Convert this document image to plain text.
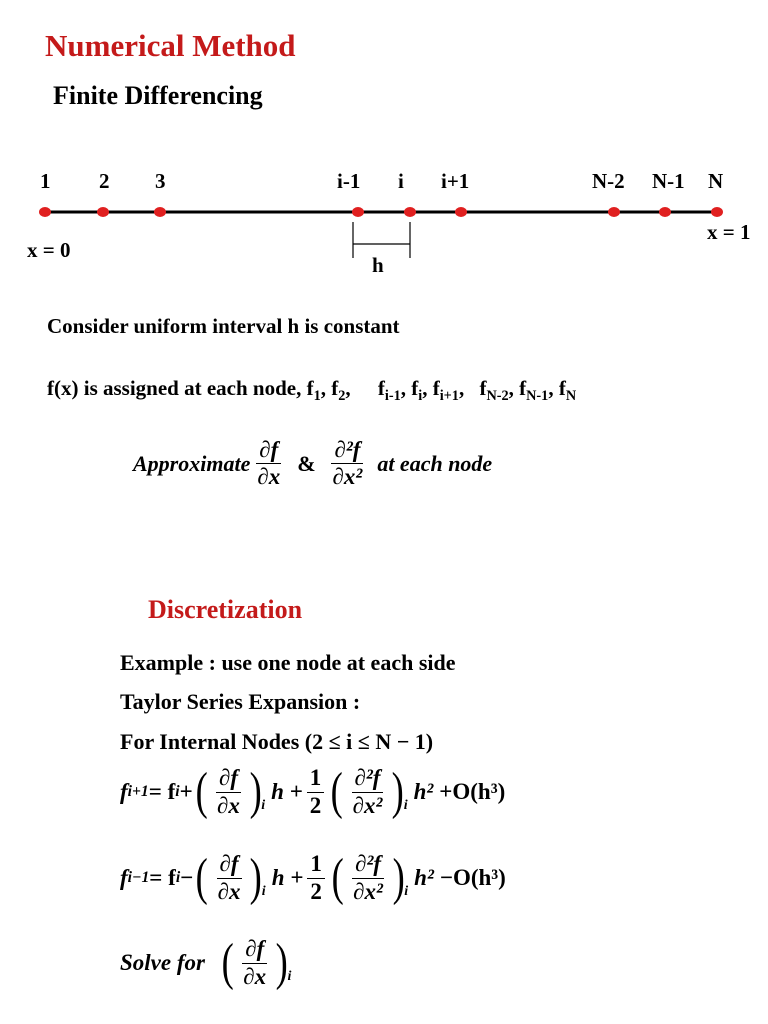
Numerical Method
Finite Differencing
1 2 3	i-1 i i+1	N-2 N-1 N
h
x = 0
x = 1
Consider uniform interval h is constant
f(x) is assigned at each node, $f_1$, $f_2$, $f_{i-1}$, $f_i$, $f_{i+1}$, $f_{N-2}$, $f_{N-1}$, $f_N$
Approximate $\frac{\partial f}{\partial x}$ & $\frac{\text{∂²f}}{\text{∂x²}}$ at each node
Discretization
Example : use one node at each side
Taylor Series Expansion :
For Internal Nodes (2 ≤ i ≤ N − 1)
f i+1 = f i + ( $\frac{\partial f}{\partial x}$ ) i
$h + \frac{1}{2}$ ( $\frac{\text{∂²f}}{\text{∂x²}}$ ) i
h² +O(h³)
f i−1 = f i − ( $\frac{\partial f}{\partial x}$ ) i
$h + \frac{1}{2}$ ( $\frac{\text{∂²f}}{\text{∂x²}}$ ) i
h² −O(h³)
Solve for ( $\frac{\partial f}{\partial x}$ ) i
